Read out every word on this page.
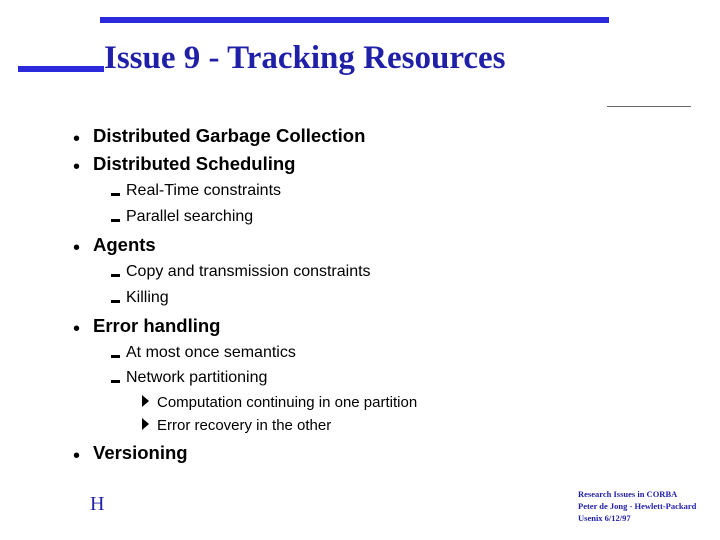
Issue 9 - Tracking Resources
• Distributed Garbage Collection
• Distributed Scheduling
Real-Time constraints
Parallel searching
• Agents
Copy and transmission constraints
Killing
• Error handling
At most once semantics
Network partitioning
Computation continuing in one partition
Error recovery in the other
• Versioning
H	Research Issues in CORBA
Peter de Jong - Hewlett-Packard
Usenix 6/12/97
